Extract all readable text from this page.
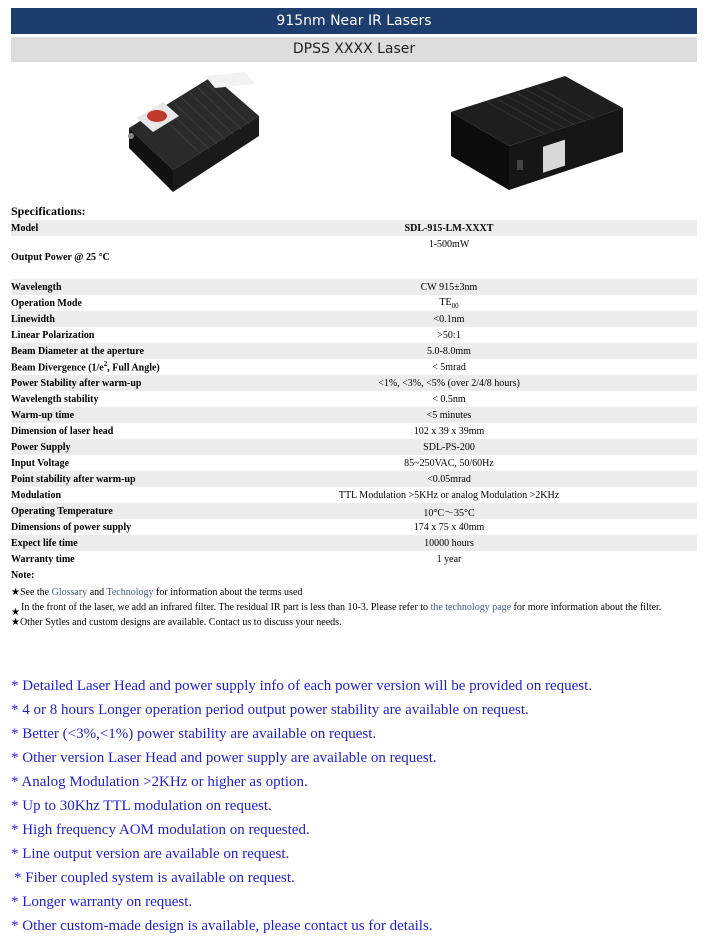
915nm Near IR Lasers
DPSS XXXX Laser
Specifications:
Model	SDL-915-LM-XXXT
Output Power @ 25 °C	1-500mW
Wavelength	CW 915±3nm
Operation Mode	$TE_{00}$
Linewidth	<0.1nm
Linear Polarization	>50:1
Beam Diameter at the aperture	5.0-8.0mm
Beam Divergence ($1/e^2$, Full Angle)	< 5mrad
Power Stability after warm-up	<1%, <3%, <5% (over 2/4/8 hours)
Wavelength stability	< 0.5nm
Warm-up time	<5 minutes
Dimension of laser head	102 x 39 x 39mm
Power Supply	SDL-PS-200
Input Voltage	85~250VAC, 50/60Hz
Point stability after warm-up	<0.05mrad
Modulation	TTL Modulation >5KHz or analog Modulation >2KHz
Operating Temperature	10°C～35°C
Dimensions of power supply	174 x 75 x 40mm
Expect life time	10000 hours
Warranty time	1 year
Note:
★See the Glossary and Technology for information about the terms used
★ In the front of the laser, we add an infrared filter. The residual IR part is less than 10-3. Please refer to the technology page for more information about the filter.
★Other Sytles and custom designs are available. Contact us to discuss your needs.
* Detailed Laser Head and power supply info of each power version will be provided on request.
* 4 or 8 hours Longer operation period output power stability are available on request.
* Better (<3%,<1%) power stability are available on request.
* Other version Laser Head and power supply are available on request.
* Analog Modulation >2KHz or higher as option.
* Up to 30Khz TTL modulation on request.
* High frequency AOM modulation on requested.
* Line output version are available on request.
* Fiber coupled system is available on request.
* Longer warranty on request.
* Other custom-made design is available, please contact us for details.
